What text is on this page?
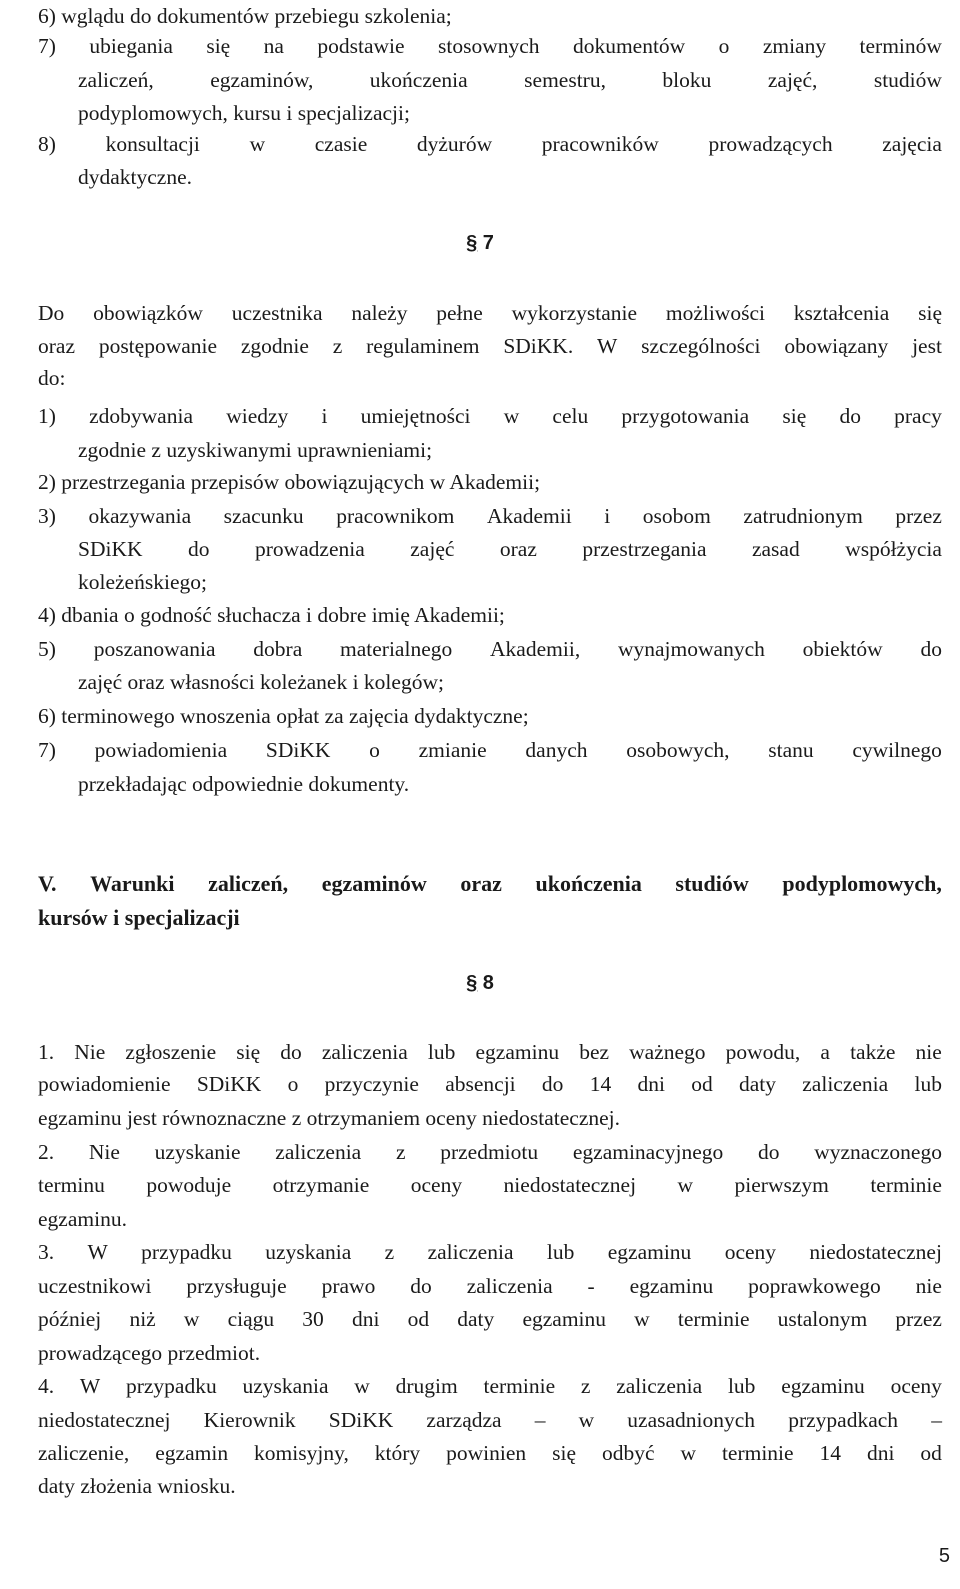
6) wglądu do dokumentów przebiegu szkolenia;
7) ubiegania się na podstawie stosownych dokumentów o zmiany terminów
zaliczeń,	egzaminów,	ukończenia	semestru,	bloku	zajęć,	studiów
podyplomowych, kursu i specjalizacji;
8) konsultacji w czasie dyżurów pracowników prowadzących zajęcia
dydaktyczne.
§ 7
Do obowiązków uczestnika należy pełne wykorzystanie możliwości kształcenia się
oraz postępowanie zgodnie z regulaminem SDiKK. W szczególności obowiązany jest
do:
1) zdobywania wiedzy i umiejętności w celu przygotowania się do pracy
zgodnie z uzyskiwanymi uprawnieniami;
2) przestrzegania przepisów obowiązujących w Akademii;
3) okazywania szacunku pracownikom Akademii i osobom zatrudnionym przez
SDiKK do prowadzenia zajęć oraz przestrzegania zasad współżycia
koleżeńskiego;
4) dbania o godność słuchacza i dobre imię Akademii;
5) poszanowania dobra materialnego Akademii, wynajmowanych obiektów do
zajęć oraz własności koleżanek i kolegów;
6) terminowego wnoszenia opłat za zajęcia dydaktyczne;
7) powiadomienia SDiKK o zmianie danych osobowych, stanu cywilnego
przekładając odpowiednie dokumenty.
V. Warunki zaliczeń, egzaminów oraz ukończenia studiów podyplomowych,
kursów i specjalizacji
§ 8
1. Nie zgłoszenie się do zaliczenia lub egzaminu bez ważnego powodu, a także nie
powiadomienie SDiKK o przyczynie absencji do 14 dni od daty zaliczenia lub
egzaminu jest równoznaczne z otrzymaniem oceny niedostatecznej.
2. Nie uzyskanie zaliczenia z przedmiotu egzaminacyjnego do wyznaczonego
terminu powoduje otrzymanie oceny niedostatecznej w pierwszym terminie
egzaminu.
3. W przypadku uzyskania z zaliczenia lub egzaminu oceny niedostatecznej
uczestnikowi przysługuje prawo do zaliczenia - egzaminu poprawkowego nie
później niż w ciągu 30 dni od daty egzaminu w terminie ustalonym przez
prowadzącego przedmiot.
4. W przypadku uzyskania w drugim terminie z zaliczenia lub egzaminu oceny
niedostatecznej Kierownik SDiKK zarządza – w uzasadnionych przypadkach –
zaliczenie, egzamin komisyjny, który powinien się odbyć w terminie 14 dni od
daty złożenia wniosku.
5
